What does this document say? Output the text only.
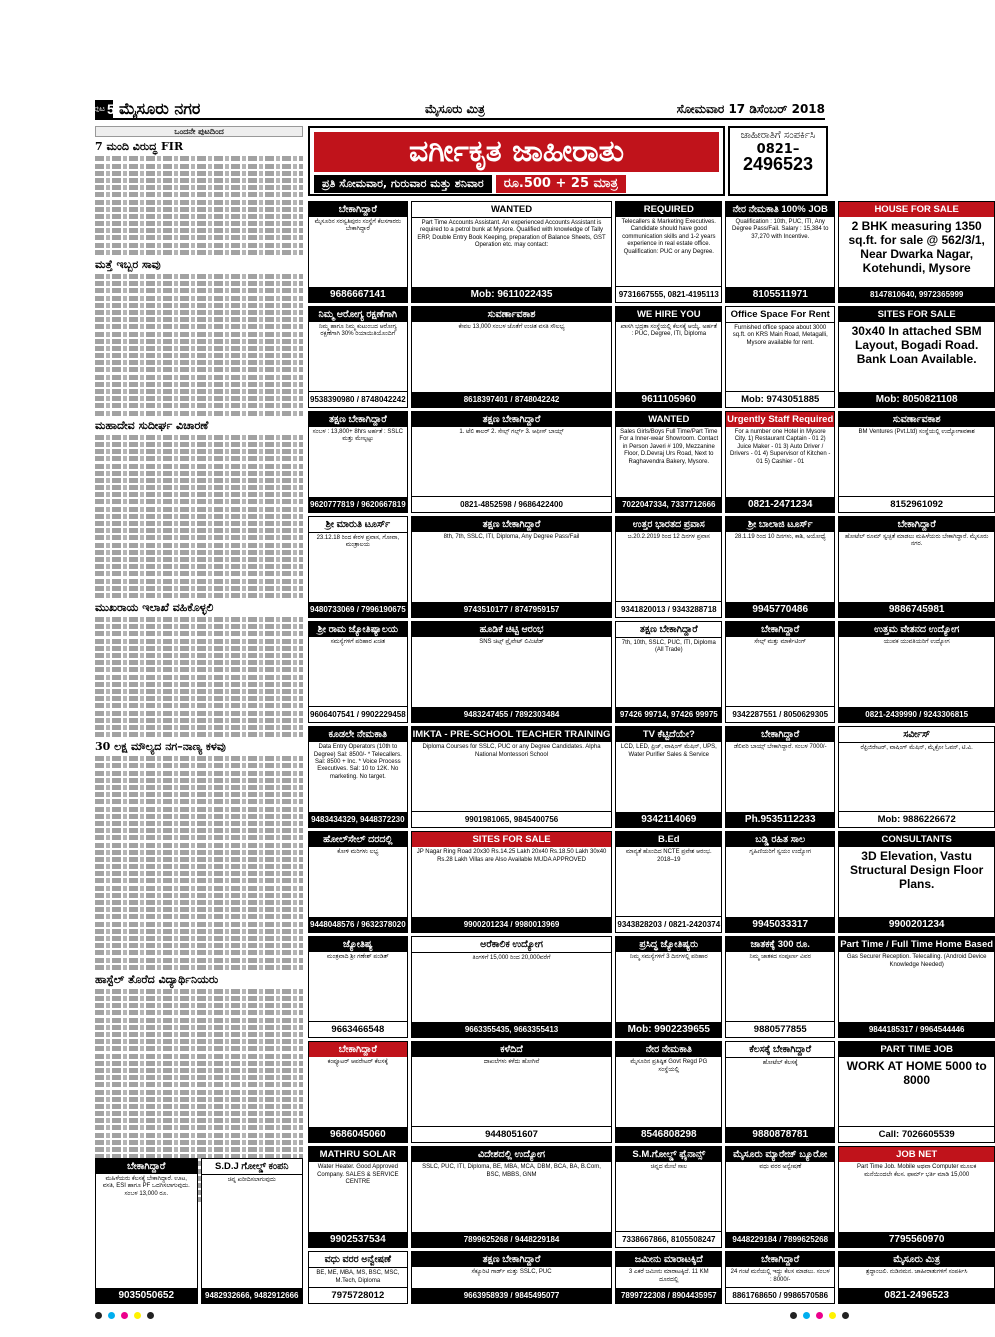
ಪುಟ 5 ಮೈಸೂರು ನಗರ	ಮೈಸೂರು ಮಿತ್ರ	ಸೋಮವಾರ 17 ಡಿಸೆಂಬರ್ 2018
ಒಂದನೇ ಪುಟದಿಂದ
7 ಮಂದಿ ವಿರುದ್ಧ FIR
ಮತ್ತೆ ಇಬ್ಬರ ಸಾವು
ಮಹಾದೇವ ಸುದೀರ್ಘ ವಿಚಾರಣೆ
ಮುಖರಾಯ ಇಲಾಖೆ ವಹಿಕೊಳ್ಳಲಿ
30 ಲಕ್ಷ ಮೌಲ್ಯದ ನಗ–ನಾಣ್ಯ ಕಳವು
ಹಾಸ್ಟೆಲ್ ತೊರೆದ ವಿದ್ಯಾರ್ಥಿನಿಯರು
ವರ್ಗೀಕೃತ ಜಾಹೀರಾತು
ಪ್ರತಿ ಸೋಮವಾರ, ಗುರುವಾರ ಮತ್ತು ಶನಿವಾರ	ರೂ.500 + 25 ಮಾತ್ರ
ಜಾಹೀರಾತಿಗೆ ಸಂಪರ್ಕಿಸಿ
0821–
2496523
ಬೇಕಾಗಿದ್ದಾರೆ
ಮೈಸೂರಿನ ಸರಸ್ವತಿಪುರಂ ಸಂಸ್ಥೆಗೆ ಕೆಲಸಗಾರರು ಬೇಕಾಗಿದ್ದಾರೆ
9686667141
WANTED
Part Time Accounts Assistant. An experienced Accounts Assistant is required to a petrol bunk at Mysore. Qualified with knowledge of Tally ERP, Double Entry Book Keeping, preparation of Balance Sheets, GST Operation etc. may contact:
Mob: 9611022435
REQUIRED
Telecallers & Marketing Executives. Candidate should have good communication skills and 1-2 years experience in real estate office. Qualification: PUC or any Degree.
9731667555, 0821-4195113
ನೇರ ನೇಮಕಾತಿ 100% JOB
Qualification : 10th, PUC, ITI, Any Degree Pass/Fail. Salary : 15,384 to 37,270 with Incentive.
8105511971
HOUSE FOR SALE
2 BHK measuring 1350 sq.ft. for sale @ 562/3/1, Near Dwarka Nagar, Kotehundi, Mysore
8147810640, 9972365999
ನಿಮ್ಮ ಆರೋಗ್ಯ ರಕ್ಷಣೆಗಾಗಿ
ನಿಮ್ಮ ಹಾಗೂ ನಿಮ್ಮ ಕುಟುಂಬದ ಆರೋಗ್ಯ ರಕ್ಷಣೆಗಾಗಿ 30% ರಿಯಾಯಿತಿಯೊಂದಿಗೆ
9538390980 / 8748042242
ಸುವರ್ಣಾವಕಾಶ
ಕೇವಲ 13,000 ಸಂಬಳ ಜೊತೆಗೆ ಉಚಿತ ವಸತಿ ಸೌಲಭ್ಯ
8618397401 / 8748042242
WE HIRE YOU
ಖಾಸಗಿ ಭದ್ರತಾ ಸಂಸ್ಥೆಯಲ್ಲಿ ಕೆಲಸಕ್ಕೆ ಆಯ್ಕೆ. ಅರ್ಹತೆ : PUC, Degree, ITI, Diploma
9611105960
Office Space For Rent
Furnished office space about 3000 sq.ft. on KRS Main Road, Metagalli, Mysore available for rent.
Mob: 9743051885
SITES FOR SALE
30x40 In attached SBM Layout, Bogadi Road. Bank Loan Available.
Mob: 8050821108
ತಕ್ಷಣ ಬೇಕಾಗಿದ್ದಾರೆ
ಸಂಬಳ : 13,800+ 8hrs ಅರ್ಹತೆ : SSLC ಮತ್ತು ಮೇಲ್ಪಟ್ಟು
9620777819 / 9620667819
ತಕ್ಷಣ ಬೇಕಾಗಿದ್ದಾರೆ
1. ಟೆಲಿ ಕಾಲರ್ 2. ಸೇಲ್ಸ್ ಗರ್ಲ್ಸ್ 3. ಆಫೀಸ್ ಬಾಯ್ಸ್
0821-4852598 / 9686422400
WANTED
Sales Girls/Boys Full Time/Part Time For a Inner-wear Showroom. Contact in Person Javeri # 109, Mezzanine Floor, D.Devraj Urs Road, Next to Raghavendra Bakery, Mysore.
7022047334, 7337712666
Urgently Staff Required
For a number one Hotel in Mysore City. 1) Restaurant Captain - 01 2) Juice Maker - 01 3) Auto Driver / Drivers - 01 4) Supervisor of Kitchen - 01 5) Cashier - 01
0821-2471234
ಸುವರ್ಣಾವಕಾಶ
BM Ventures (Pvt.Ltd) ಸಂಸ್ಥೆಯಲ್ಲಿ ಉದ್ಯೋಗಾವಕಾಶ
8152961092
ಶ್ರೀ ಮಾರುತಿ ಟೂರ್ಸ್
23.12.18 ರಿಂದ ಕೇರಳ ಪ್ರವಾಸ, ಗೋವಾ, ಮಂತ್ರಾಲಯ
9480733069 / 7996190675
ತಕ್ಷಣ ಬೇಕಾಗಿದ್ದಾರೆ
8th, 7th, SSLC, ITI, Diploma, Any Degree Pass/Fail
9743510177 / 8747959157
ಉತ್ತರ ಭಾರತದ ಪ್ರವಾಸ
ಜ.20.2.2019 ರಿಂದ 12 ದಿನಗಳ ಪ್ರವಾಸ
9341820013 / 9343288718
ಶ್ರೀ ಬಾಲಾಜಿ ಟೂರ್ಸ್
28.1.19 ರಿಂದ 10 ದಿನಗಳು, ಕಾಶಿ, ಅಯೋಧ್ಯೆ
9945770486
ಬೇಕಾಗಿದ್ದಾರೆ
ಹೋಟೆಲ್ ರೂಮ್ ಸ್ವಚ್ಛತೆ ಮಾಡಲು ಮಹಿಳೆಯರು ಬೇಕಾಗಿದ್ದಾರೆ. ಮೈಸೂರು ನಗರ.
9886745981
ಶ್ರೀ ರಾಮ ಜ್ಯೋತಿಷ್ಯಾಲಯ
ಸಮಸ್ಯೆಗಳಿಗೆ ಪರಿಹಾರ ಖಚಿತ
9606407541 / 9902229458
ಹೂಡಿಕೆ ಚಿಟ್ಟಿ ಆರಂಭ
SNS ಚಿಟ್ಸ್ ಪ್ರೈವೇಟ್ ಲಿಮಿಟೆಡ್
9483247455 / 7892303484
ತಕ್ಷಣ ಬೇಕಾಗಿದ್ದಾರೆ
7th, 10th, SSLC, PUC, ITI, Diploma (All Trade)
97426 99714, 97426 99975
ಬೇಕಾಗಿದ್ದಾರೆ
ಸೇಲ್ಸ್ ಮತ್ತು ಮಾರ್ಕೆಟಿಂಗ್
9342287551 / 8050629305
ಉತ್ತಮ ವೇತನದ ಉದ್ಯೋಗ
ಯುವಕ ಯುವತಿಯರಿಗೆ ಉದ್ಯೋಗ
0821-2439990 / 9243306815
ಕೂಡಲೇ ನೇಮಕಾತಿ
Data Entry Operators (10th to Degree) Sal: 8500/- * Telecallers. Sal: 8500 + Inc. * Voice Process Executives. Sal: 10 to 12K. No marketing. No target.
9483434329, 9448372230
IMKTA - PRE-SCHOOL TEACHER TRAINING
Diploma Courses for SSLC, PUC or any Degree Candidates. Alpha National Montessori School
9901981065, 9845400756
TV ಕೆಟ್ಟಿದೆಯೇ?
LCD, LED, ಫ್ರಿಜ್, ವಾಷಿಂಗ್ ಮೆಷಿನ್, UPS, Water Purifier Sales & Service
9342114069
ಬೇಕಾಗಿದ್ದಾರೆ
ಡೆಲಿವರಿ ಬಾಯ್ಸ್ ಬೇಕಾಗಿದ್ದಾರೆ. ಸಂಬಳ 7000/-
Ph.9535112233
ಸರ್ವೀಸ್
ರೆಫ್ರಿಜಿರೇಟರ್, ವಾಷಿಂಗ್ ಮೆಷಿನ್, ಮೈಕ್ರೋ ಓವನ್, ಟಿ.ವಿ.
Mob: 9886226672
ಹೋಲ್‌ಸೇಲ್ ದರದಲ್ಲಿ
ಕೋಳಿ ಮರಿಗಳು ಲಭ್ಯ
9448048576 / 9632378020
SITES FOR SALE
JP Nagar Ring Road 20x30 Rs.14.25 Lakh 20x40 Rs.18.50 Lakh 30x40 Rs.28 Lakh Villas are Also Available MUDA APPROVED
9900201234 / 9980013969
B.Ed
ಮಾನ್ಯತೆ ಹೊಂದಿದ NCTE ಪ್ರವೇಶ ಆರಂಭ. 2018–19
9343828203 / 0821-2420374
ಬಡ್ಡಿ ರಹಿತ ಸಾಲ
ಗೃಹಿಣಿಯರಿಗೆ ಸ್ವಯಂ ಉದ್ಯೋಗ
9945033317
CONSULTANTS
3D Elevation, Vastu Structural Design Floor Plans.
9900201234
ಜ್ಯೋತಿಷ್ಯ
ಮಂತ್ರವಾದಿ ಶ್ರೀ ಗಣೇಶ್ ಪಂಡಿತ್
9663466548
ಅರೆಕಾಲಿಕ ಉದ್ಯೋಗ
ತಿಂಗಳಿಗೆ 15,000 ರಿಂದ 20,000ವರೆಗೆ
9663355435, 9663355413
ಪ್ರಸಿದ್ಧ ಜ್ಯೋತಿಷ್ಯರು
ನಿಮ್ಮ ಸಮಸ್ಯೆಗಳಿಗೆ 3 ದಿನಗಳಲ್ಲಿ ಪರಿಹಾರ
Mob: 9902239655
ಜಾತಕಕ್ಕೆ 300 ರೂ.
ನಿಮ್ಮ ಜಾತಕದ ಸಂಪೂರ್ಣ ವಿವರ
9880577855
Part Time / Full Time Home Based
Gas Securer Reception. Telecalling. (Android Device Knowledge Needed)
9844185317 / 9964544446
ಬೇಕಾಗಿದ್ದಾರೆ
ಕಂಪ್ಯೂಟರ್ ಆಪರೇಟರ್ ಕೆಲಸಕ್ಕೆ
9686045060
ಕಳೆದಿದೆ
ದಾಖಲೆಗಳು ಕಳೆದು ಹೋಗಿವೆ
9448051607
ನೇರ ನೇಮಕಾತಿ
ಮೈಸೂರಿನ ಪ್ರತಿಷ್ಠಿತ Govt Regd PG ಸಂಸ್ಥೆಯಲ್ಲಿ
8546808298
ಕೆಲಸಕ್ಕೆ ಬೇಕಾಗಿದ್ದಾರೆ
ಹೋಟೆಲ್ ಕೆಲಸಕ್ಕೆ
9880878781
PART TIME JOB
WORK AT HOME 5000 to 8000
Call: 7026605539
MATHRU SOLAR
Water Heater. Good Approved Company. SALES & SERVICE CENTRE
9902537534
ವಿದೇಶದಲ್ಲಿ ಉದ್ಯೋಗ
SSLC, PUC, ITI, Diploma, BE, MBA, MCA, DBM, BCA, BA, B.Com, BSC, MBBS, GNM
7899625268 / 9448229184
S.M.ಗೋಲ್ಡ್ ಫೈನಾನ್ಸ್
ಚಿನ್ನದ ಮೇಲೆ ಸಾಲ
7338667866, 8105508247
ಮೈಸೂರು ಮ್ಯಾರೇಜ್ ಬ್ಯೂರೋ
ವಧು ವರರ ಅನ್ವೇಷಣೆ
9448229184 / 7899625268
JOB NET
Part Time Job. Mobile ಅಥವಾ Computer ಮೂಲಕ ಮನೆಯಿಂದಲೇ ಕೆಲಸ. ಫಾರ್ಮ್ ಭರ್ತಿ ಮಾಡಿ 15,000
7795560970
ವಧು ವರರ ಅನ್ವೇಷಣೆ
BE, ME, MBA, MS, BSC, MSC, M.Tech, Diploma
7975728012
ತಕ್ಷಣ ಬೇಕಾಗಿದ್ದಾರೆ
ಸೆಕ್ಯೂರಿಟಿ ಗಾರ್ಡ್ ಮತ್ತು SSLC, PUC
9663958939 / 9845495077
ಜಮೀನು ಮಾರಾಟಕ್ಕಿದೆ
3 ಎಕರೆ ಜಮೀನು ಮಾರಾಟಕ್ಕಿದೆ. 11 KM ದೂರದಲ್ಲಿ
7899722308 / 8904435957
ಬೇಕಾಗಿದ್ದಾರೆ
24 ಗಂಟೆ ಮನೆಯಲ್ಲಿ ಇದ್ದು ಕೆಲಸ ಮಾಡಲು. ಸಂಬಳ : 8000/-
8861768650 / 9986570586
ಮೈಸೂರು ಮಿತ್ರ
ಶ್ರದ್ಧಾಂಜಲಿ. ನುಡಿನಮನ. ಜಾಹೀರಾತುಗಳಿಗೆ ಸಂಪರ್ಕಿಸಿ
0821-2496523
ಬೇಕಾಗಿದ್ದಾರೆ
ಮಹಿಳೆಯರು ಕೆಲಸಕ್ಕೆ ಬೇಕಾಗಿದ್ದಾರೆ. ಊಟ, ವಸತಿ, ESI ಹಾಗೂ PF ಒದಗಿಸಲಾಗುವುದು. ಸಂಬಳ 13,000 ರೂ.
9035050652
S.D.J ಗೋಲ್ಡ್ ಕಂಪನಿ
ಚಿನ್ನ ಖರೀದಿಸಲಾಗುವುದು
9482932666, 9482912666
